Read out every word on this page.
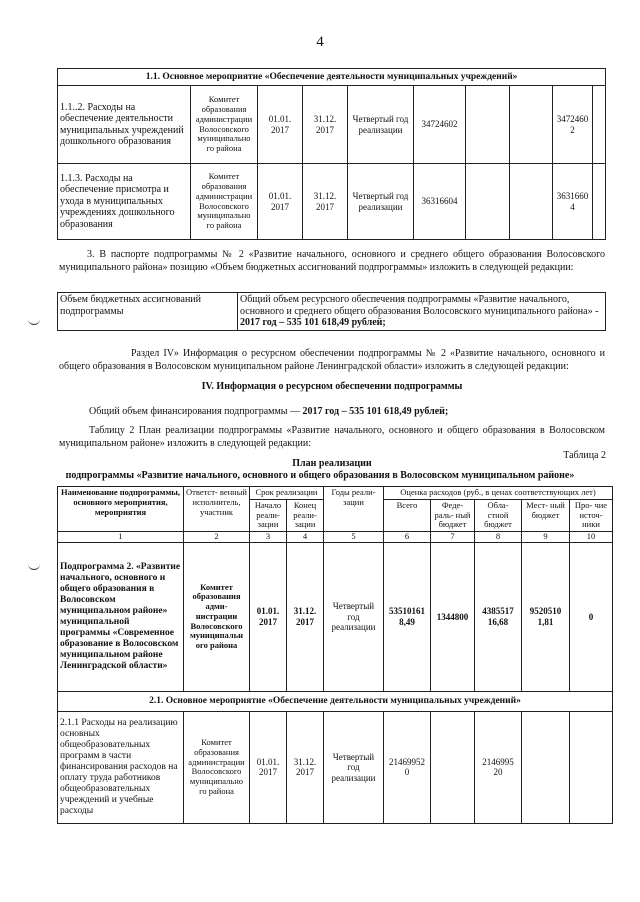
4
1.1. Основное мероприятие «Обеспечение деятельности муниципальных учреждений»									
1.1..2. Расходы на обеспечение деятельности муниципальных учреждений дошкольного образования	Комитет образования администрации Волосовского муниципально го района	01.01. 2017	31.12. 2017	Четвертый год реализации	34724602			3472460 2	
1.1.3. Расходы на обеспечение присмотра и ухода в муниципальных учреждениях дошкольного образования	Комитет образования администрации Волосовского муниципально го района	01.01. 2017	31.12. 2017	Четвертый год реализации	36316604			3631660 4	

3. В паспорте подпрограммы № 2 «Развитие начального, основного и среднего общего образования Волосовского муниципального района» позицию «Объем бюджетных ассигнований подпрограммы» изложить в следующей редакции:

Объем бюджетных ассигнований подпрограммы	Общий объем ресурсного обеспечения подпрограммы «Развитие начального, основного и среднего общего образования Волосовского муниципального района» -
2017 год – 535 101 618,49 рублей;

Раздел IV» Информация о ресурсном обеспечении подпрограммы № 2 «Развитие начального, основного и общего образования в Волосовском муниципальном районе Ленинградской области» изложить в следующей редакции:

IV. Информация о ресурсном обеспечении подпрограммы

Общий объем финансирования подпрограммы — 2017 год – 535 101 618,49 рублей;

Таблицу 2 План реализации подпрограммы «Развитие начального, основного и общего образования в Волосовском муниципальном районе» изложить в следующей редакции:

Таблица 2

План реализации

подпрограммы «Развитие начального, основного и общего образования в Волосовском муниципальном районе»

Наименование подпрограммы, основного мероприятия, мероприятия	Ответст- венный исполнитель, участник	Срок реализации		Годы реали- зации	Оценка расходов (руб., в ценах соответствующих лет)				
		Начало реали- зации	Конец реали- зации		Всего	Феде- раль- ный бюджет	Обла- стной бюджет	Мест- ный бюджет	Про- чие источ- ники
1	2	3	4	5	6	7	8	9	10
Подпрограмма 2. «Развитие начального, основного и общего образования в Волосовском муниципальном районе» муниципальной программы «Современное образование в Волосовском муниципальном районе Ленинградской области»	Комитет образования адми- нистрации Волосовского муниципальн ого района	01.01. 2017	31.12. 2017	Четвертый год реализации	53510161 8,49	1344800	4385517 16,68	9520510 1,81	0
2.1. Основное мероприятие «Обеспечение деятельности муниципальных учреждений»									
2.1.1 Расходы на реализацию основных общеобразовательных программ в части финансирования расходов на оплату труда работников общеобразовательных учреждений и учебные расходы	Комитет образования администрации Волосовского муниципально го района	01.01. 2017	31.12. 2017	Четвертый год реализации	21469952 0		2146995 20		
